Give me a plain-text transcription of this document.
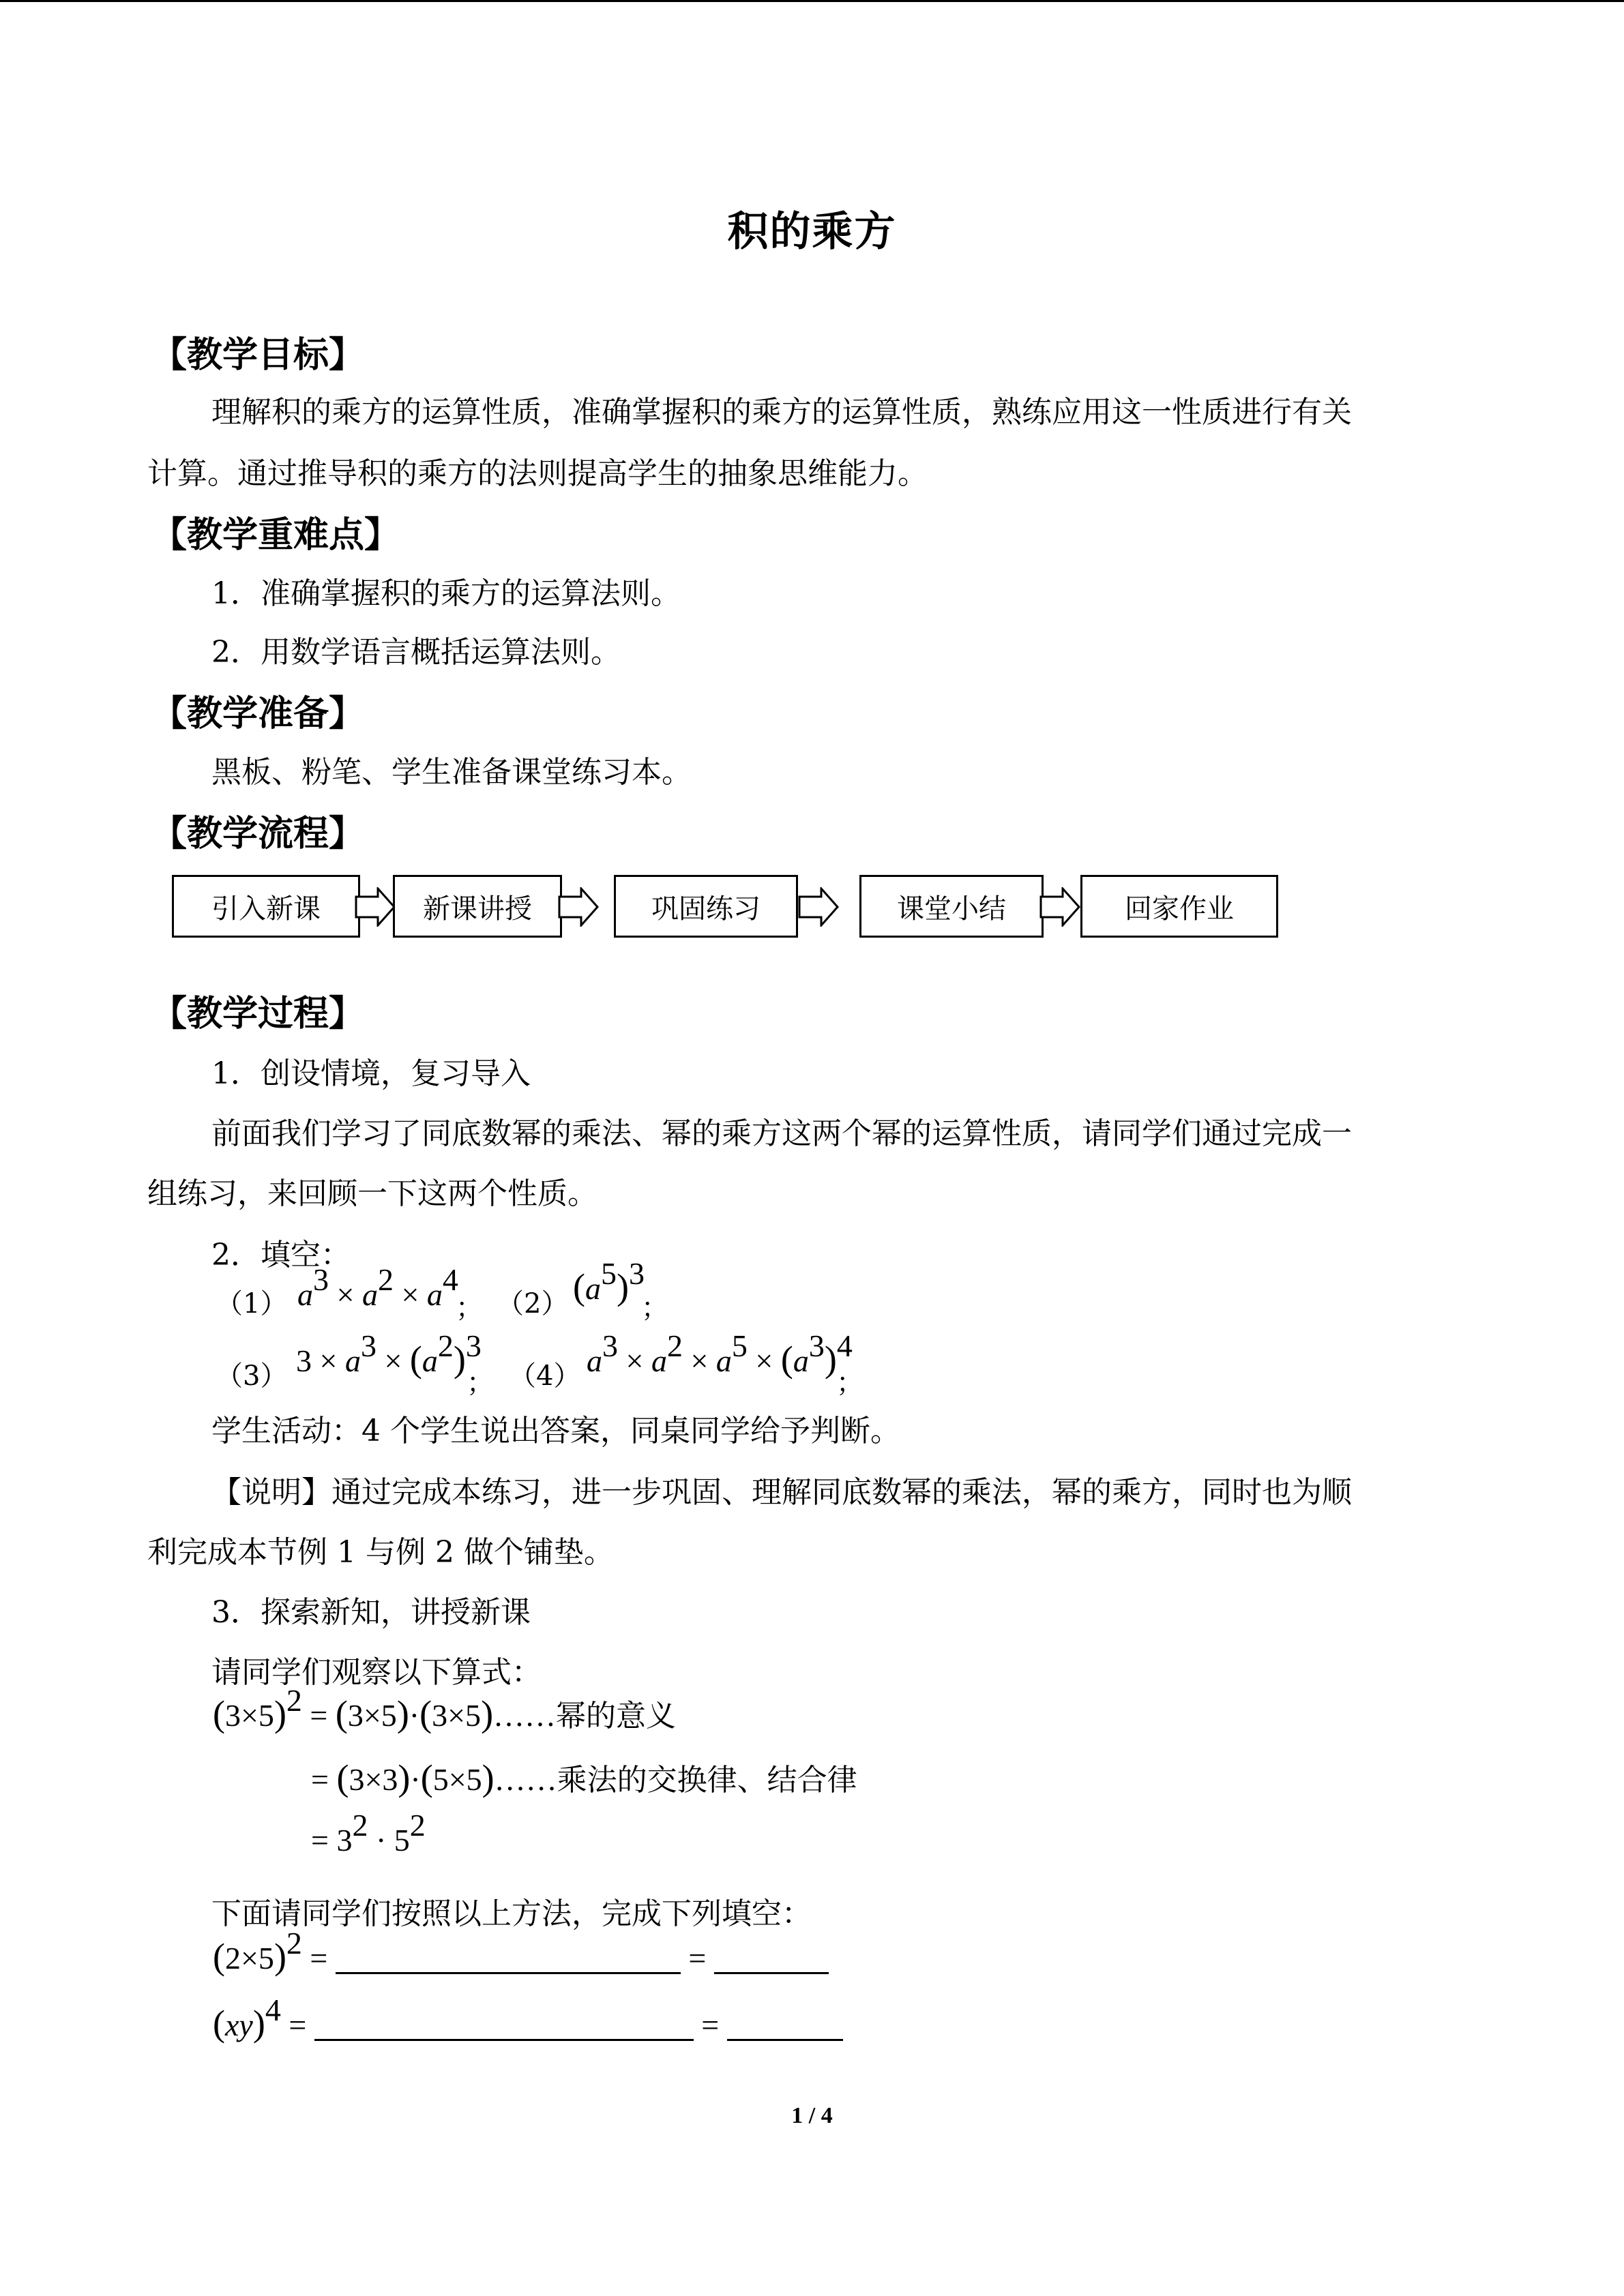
积的乘方
【教学目标】
理解积的乘方的运算性质，准确掌握积的乘方的运算性质，熟练应用这一性质进行有关
计算。通过推导积的乘方的法则提高学生的抽象思维能力。
【教学重难点】
1．准确掌握积的乘方的运算法则。
2．用数学语言概括运算法则。
【教学准备】
黑板、粉笔、学生准备课堂练习本。
【教学流程】
引入新课	新课讲授	巩固练习	课堂小结	回家作业
【教学过程】
1．创设情境，复习导入
前面我们学习了同底数幂的乘法、幂的乘方这两个幂的运算性质，请同学们通过完成一
组练习，来回顾一下这两个性质。
2．填空：
（1） $a^3 \times a^2 \times a^4$
； （2） $(a^5)^3$
；
（3） $3 \times a^3 \times (a^2)^3$
； （4） $a^3 \times a^2 \times a^5 \times (a^3)^4$
；
学生活动：4 个学生说出答案，同桌同学给予判断。
【说明】通过完成本练习，进一步巩固、理解同底数幂的乘法，幂的乘方，同时也为顺
利完成本节例 1 与例 2 做个铺垫。
3．探索新知，讲授新课
请同学们观察以下算式：
$(3\times 5)^2$ = (3×5)·(3×5)……幂的意义
= (3×3)·(5×5)……乘法的交换律、结合律
= $3^2 \cdot 5^2$
下面请同学们按照以上方法，完成下列填空：
$(2\times 5)^2$ =	=
(xy)$^4$ =	=
1 / 4
